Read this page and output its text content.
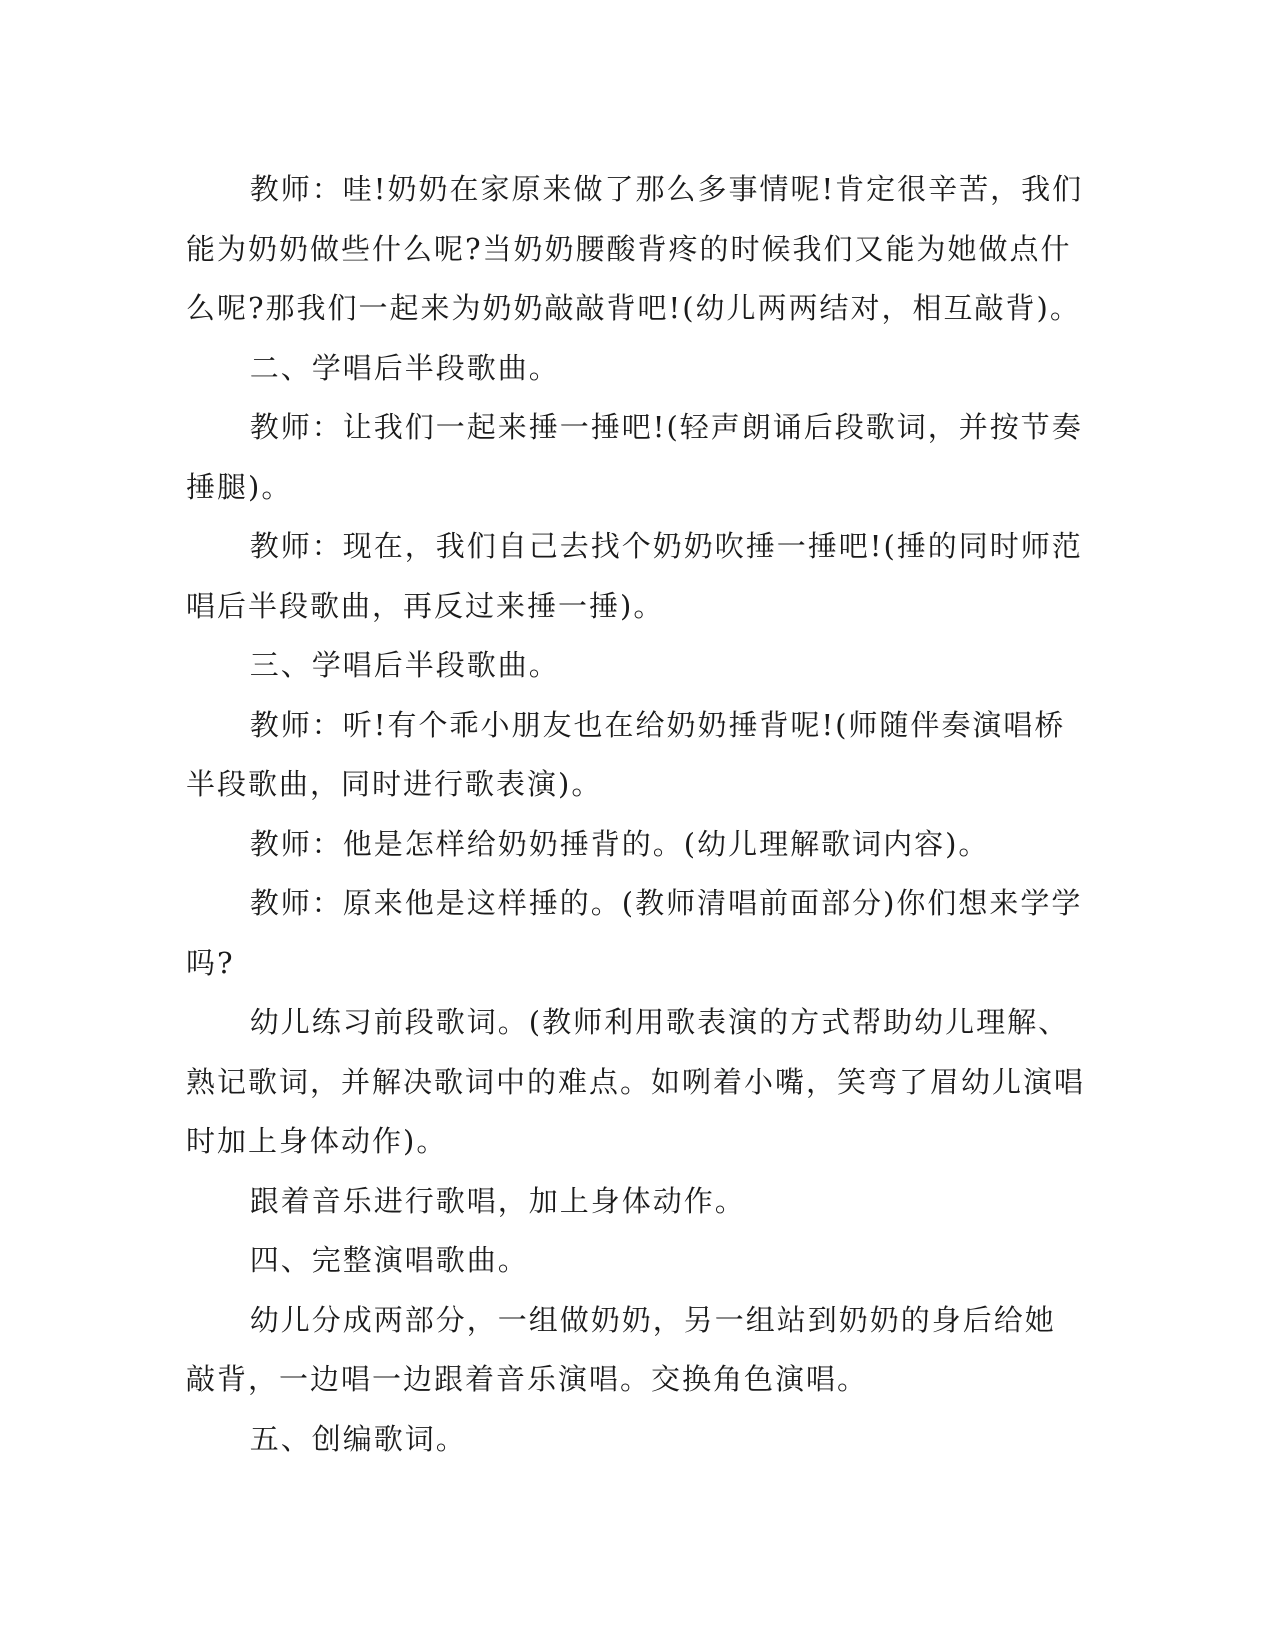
教师：哇!奶奶在家原来做了那么多事情呢!肯定很辛苦，我们能为奶奶做些什么呢?当奶奶腰酸背疼的时候我们又能为她做点什么呢?那我们一起来为奶奶敲敲背吧!(幼儿两两结对，相互敲背)。

二、学唱后半段歌曲。

教师：让我们一起来捶一捶吧!(轻声朗诵后段歌词，并按节奏捶腿)。

教师：现在，我们自己去找个奶奶吹捶一捶吧!(捶的同时师范唱后半段歌曲，再反过来捶一捶)。

三、学唱后半段歌曲。

教师：听!有个乖小朋友也在给奶奶捶背呢!(师随伴奏演唱桥半段歌曲，同时进行歌表演)。

教师：他是怎样给奶奶捶背的。(幼儿理解歌词内容)。

教师：原来他是这样捶的。(教师清唱前面部分)你们想来学学吗?

幼儿练习前段歌词。(教师利用歌表演的方式帮助幼儿理解、熟记歌词，并解决歌词中的难点。如咧着小嘴，笑弯了眉幼儿演唱时加上身体动作)。

跟着音乐进行歌唱，加上身体动作。

四、完整演唱歌曲。

幼儿分成两部分，一组做奶奶，另一组站到奶奶的身后给她敲背，一边唱一边跟着音乐演唱。交换角色演唱。

五、创编歌词。
